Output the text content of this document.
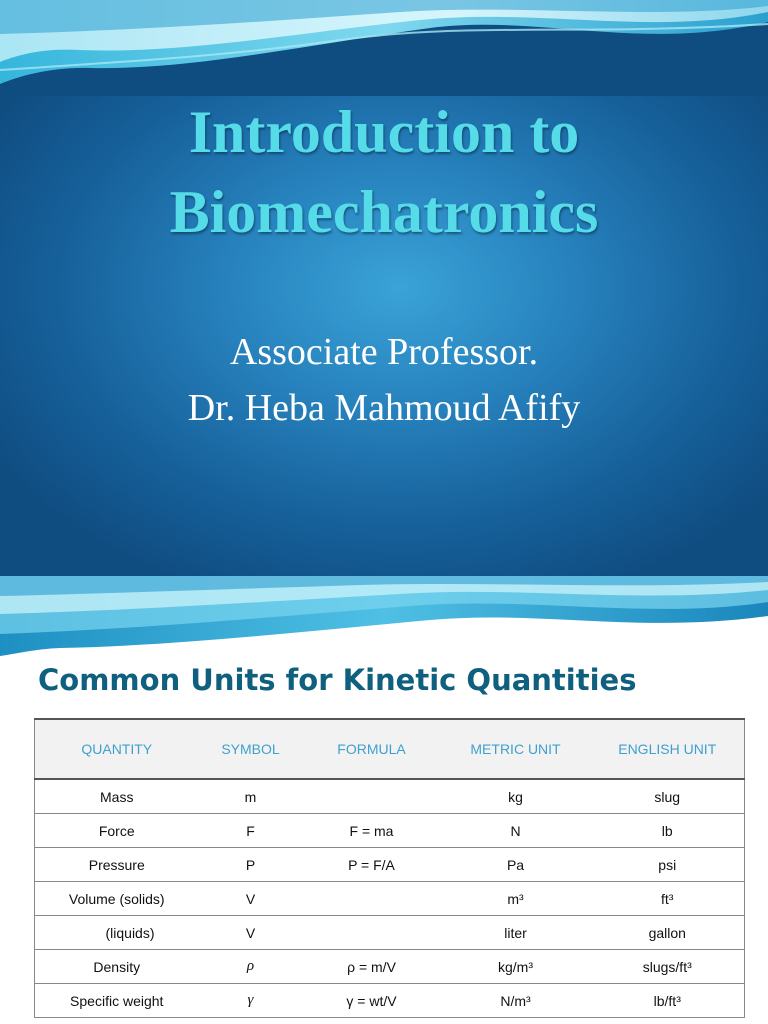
Introduction to
Biomechatronics
Associate Professor.
Dr. Heba Mahmoud Afify
Common Units for Kinetic Quantities
QUANTITY	SYMBOL	FORMULA	METRIC UNIT	ENGLISH UNIT
Mass	m		kg	slug
Force	F	F = ma	N	lb
Pressure	P	P = F/A	Pa	psi
Volume (solids)	V		m³	ft³
(liquids)	V		liter	gallon
Density	ρ	ρ = m/V	kg/m³	slugs/ft³
Specific weight	γ	γ = wt/V	N/m³	lb/ft³
